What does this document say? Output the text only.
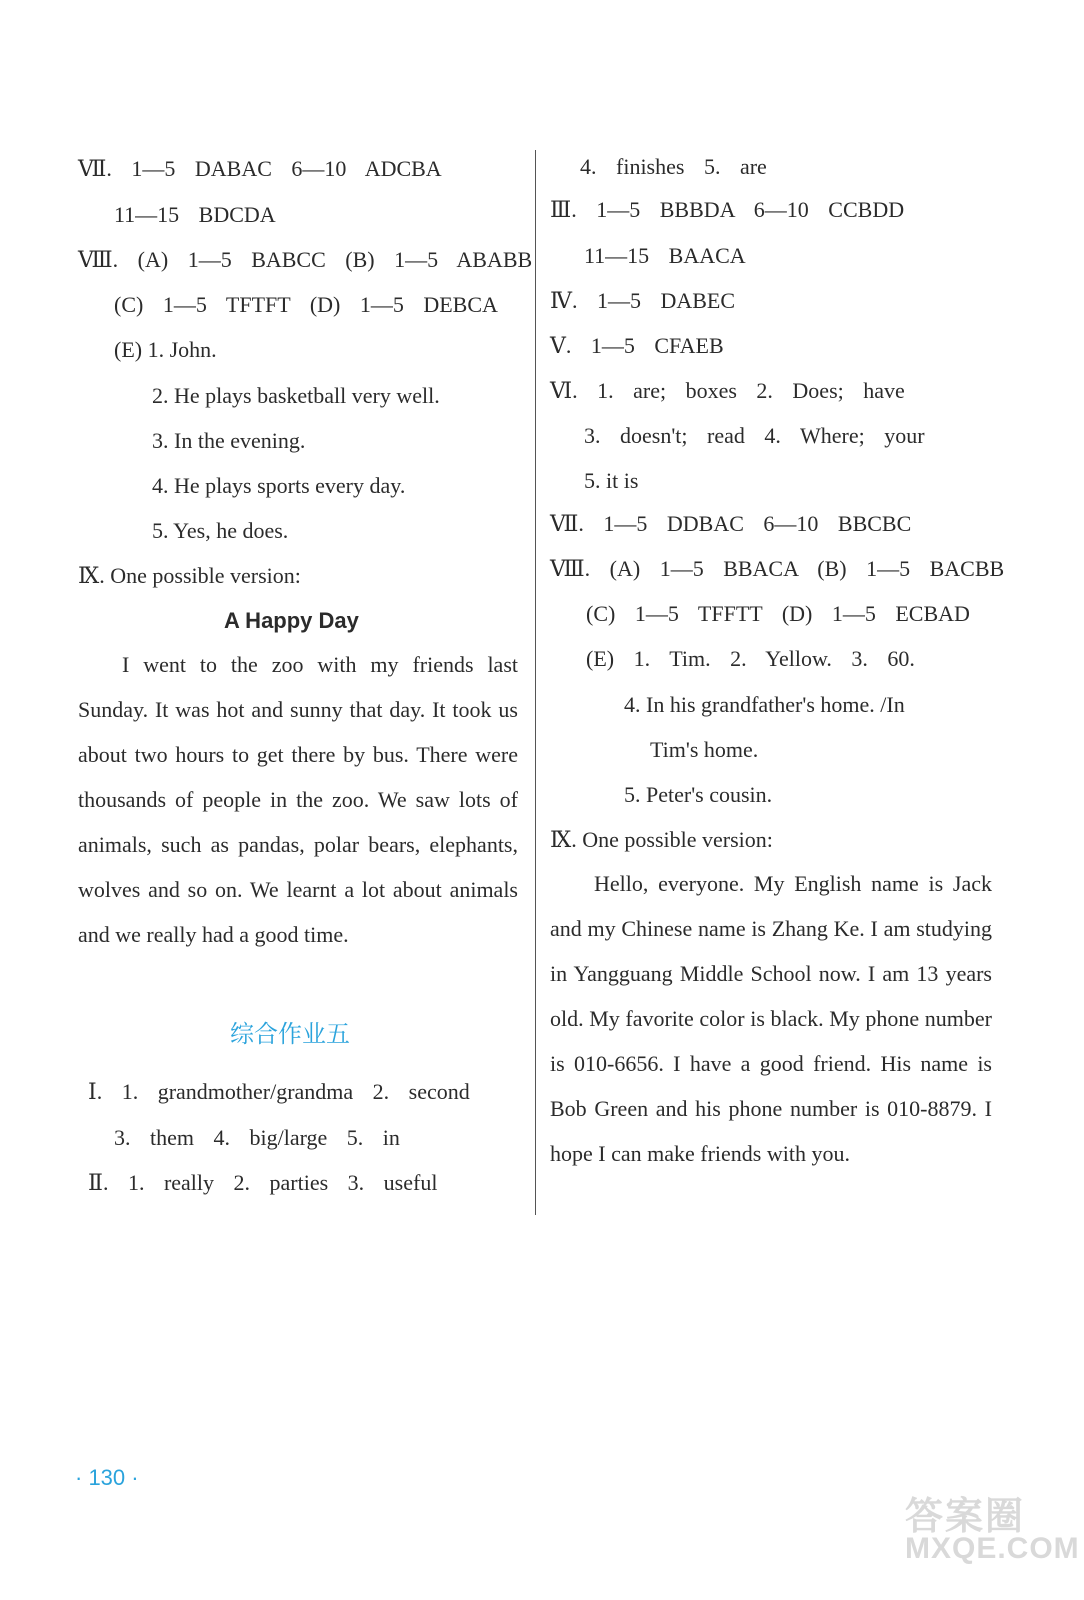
Ⅶ. 1—5 DABAC 6—10 ADCBA
11—15 BDCDA
Ⅷ. (A) 1—5 BABCC (B) 1—5 ABABB
(C) 1—5 TFTFT (D) 1—5 DEBCA
(E) 1. John.
2. He plays basketball very well.
3. In the evening.
4. He plays sports every day.
5. Yes, he does.
Ⅸ. One possible version:
A Happy Day

I went to the zoo with my friends last Sunday. It was hot and sunny that day. It took us about two hours to get there by bus. There were thousands of people in the zoo. We saw lots of animals, such as pandas, polar bears, elephants, wolves and so on. We learnt a lot about animals and we really had a good time.

综合作业五
Ⅰ. 1. grandmother/grandma 2. second
3. them 4. big/large 5. in
Ⅱ. 1. really 2. parties 3. useful
4. finishes 5. are
Ⅲ. 1—5 BBBDA 6—10 CCBDD
11—15 BAACA
Ⅳ. 1—5 DABEC
Ⅴ. 1—5 CFAEB
Ⅵ. 1. are; boxes 2. Does; have
3. doesn't; read 4. Where; your
5. it is
Ⅶ. 1—5 DDBAC 6—10 BBCBC
Ⅷ. (A) 1—5 BBACA (B) 1—5 BACBB
(C) 1—5 TFFTT (D) 1—5 ECBAD
(E) 1. Tim. 2. Yellow. 3. 60.
4. In his grandfather's home. /In
Tim's home.
5. Peter's cousin.
Ⅸ. One possible version:

Hello, everyone. My English name is Jack and my Chinese name is Zhang Ke. I am studying in Yangguang Middle School now. I am 13 years old. My favorite color is black. My phone number is 010-6656. I have a good friend. His name is Bob Green and his phone number is 010-8879. I hope I can make friends with you.

· 130 ·
答案圈
MXQE.COM
